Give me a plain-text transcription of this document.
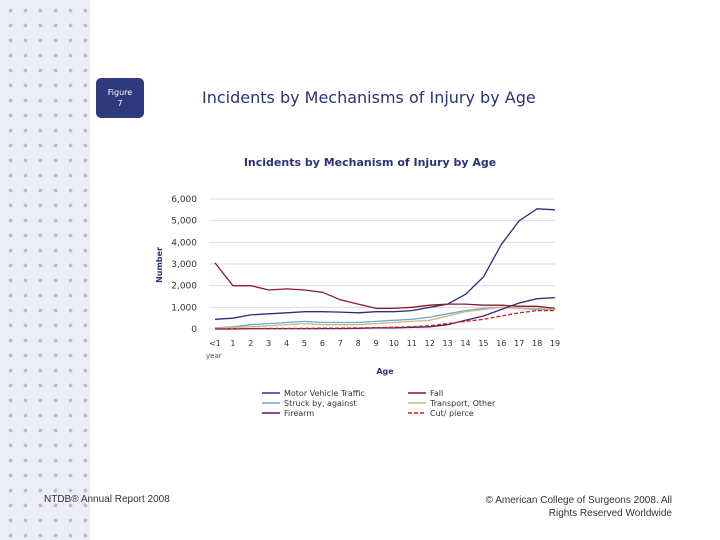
Figure
7	Incidents by Mechanisms of Injury by Age
Incidents by Mechanism of Injury by Age
0
1,000
2,000
3,000
4,000
5,000
6,000
<1 1 2 3 4 5 6 7 8 9 10 11 12 13 14 15 16 17 18 19
year
Age
Number
Motor Vehicle Traffic	Fall
Struck by, against	Transport, Other
Firearm	Cut/ pierce
NTDB® Annual Report 2008	© American College of Surgeons 2008. All Rights Reserved Worldwide
